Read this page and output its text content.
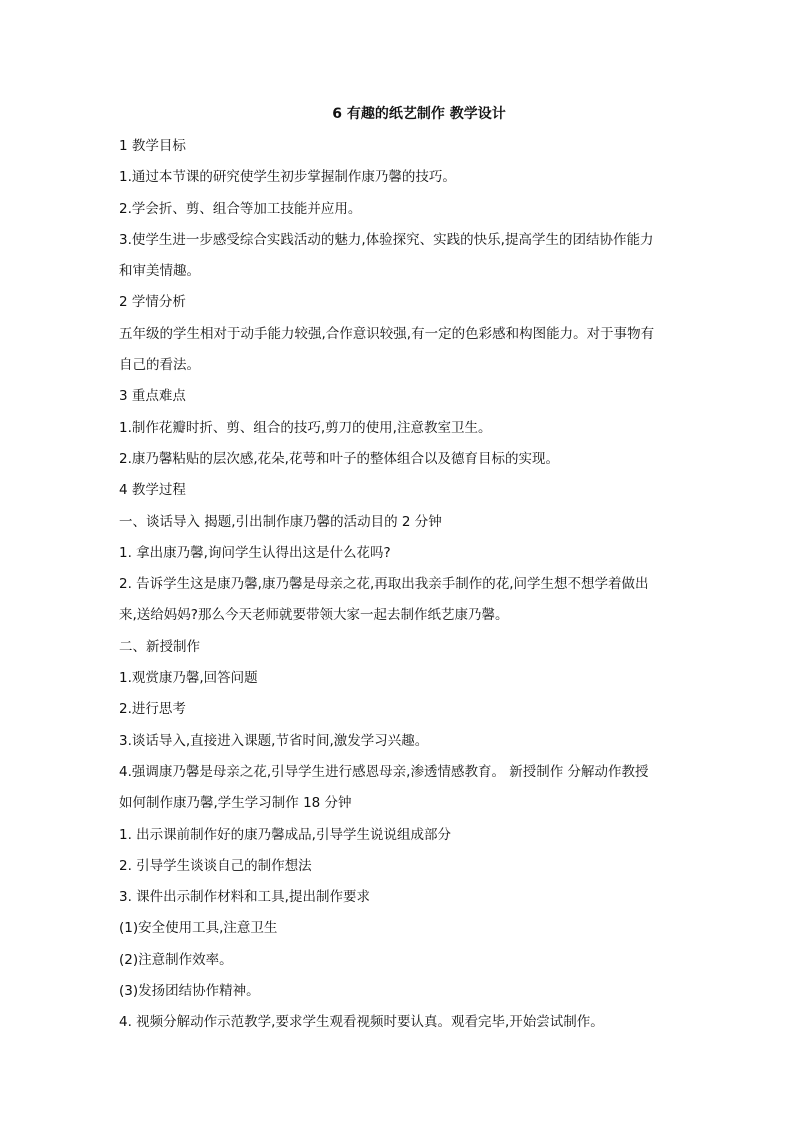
6 有趣的纸艺制作 教学设计
1 教学目标
1.通过本节课的研究使学生初步掌握制作康乃馨的技巧。
2.学会折、剪、组合等加工技能并应用。
3.使学生进一步感受综合实践活动的魅力,体验探究、实践的快乐,提高学生的团结协作能力
和审美情趣。
2 学情分析
五年级的学生相对于动手能力较强,合作意识较强,有一定的色彩感和构图能力。对于事物有
自己的看法。
3 重点难点
1.制作花瓣时折、剪、组合的技巧,剪刀的使用,注意教室卫生。
2.康乃馨粘贴的层次感,花朵,花萼和叶子的整体组合以及德育目标的实现。
4 教学过程
一、谈话导入 揭题,引出制作康乃馨的活动目的 2 分钟
1. 拿出康乃馨,询问学生认得出这是什么花吗?
2. 告诉学生这是康乃馨,康乃馨是母亲之花,再取出我亲手制作的花,问学生想不想学着做出
来,送给妈妈?那么今天老师就要带领大家一起去制作纸艺康乃馨。
二、新授制作
1.观赏康乃馨,回答问题
2.进行思考
3.谈话导入,直接进入课题,节省时间,激发学习兴趣。
4.强调康乃馨是母亲之花,引导学生进行感恩母亲,渗透情感教育。 新授制作 分解动作教授
如何制作康乃馨,学生学习制作 18 分钟
1. 出示课前制作好的康乃馨成品,引导学生说说组成部分
2. 引导学生谈谈自己的制作想法
3. 课件出示制作材料和工具,提出制作要求
(1)安全使用工具,注意卫生
(2)注意制作效率。
(3)发扬团结协作精神。
4. 视频分解动作示范教学,要求学生观看视频时要认真。观看完毕,开始尝试制作。
